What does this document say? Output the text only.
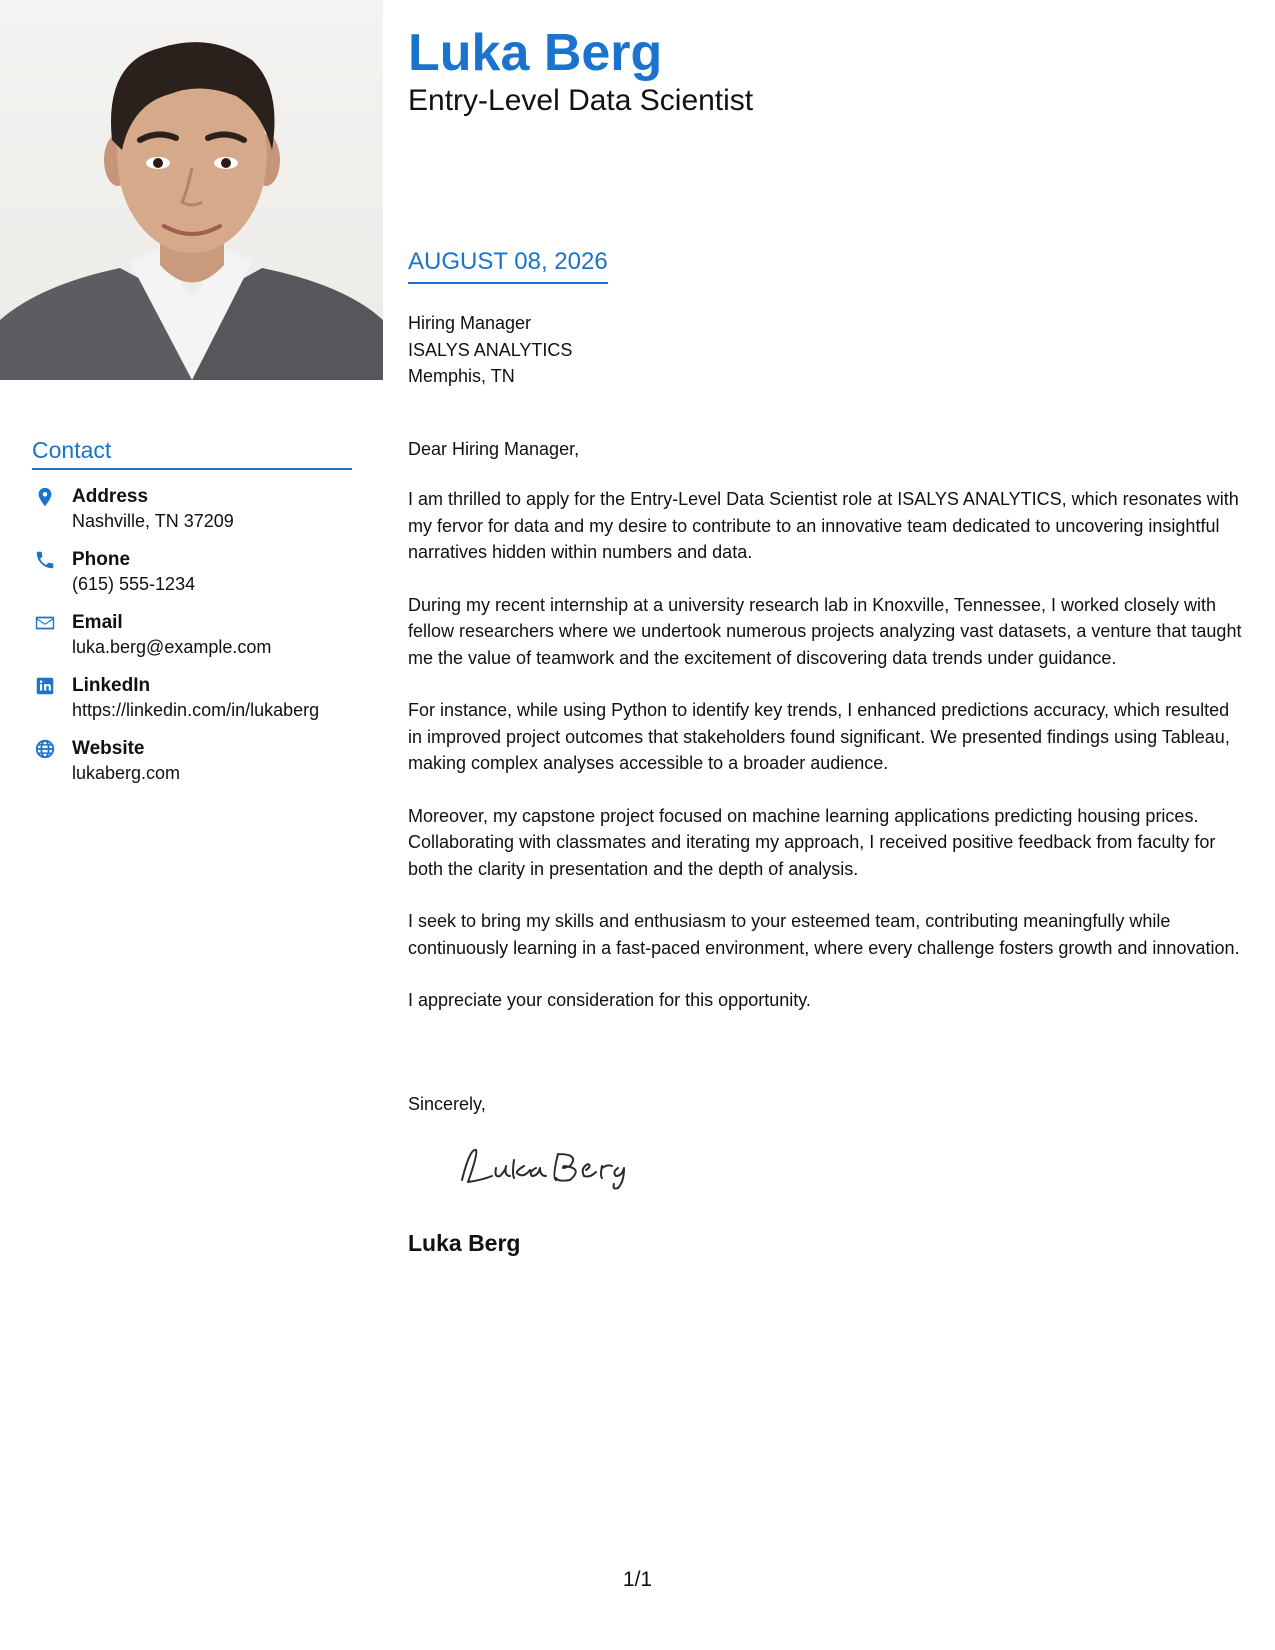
Contact
Address
Nashville, TN 37209
Phone
(615) 555-1234
Email
luka.berg@example.com
LinkedIn
https://linkedin.com/in/lukaberg
Website
lukaberg.com
Luka Berg
Entry-Level Data Scientist
AUGUST 08, 2026
Hiring Manager
ISALYS ANALYTICS
Memphis, TN
Dear Hiring Manager,

I am thrilled to apply for the Entry-Level Data Scientist role at ISALYS ANALYTICS, which resonates with my fervor for data and my desire to contribute to an innovative team dedicated to uncovering insightful narratives hidden within numbers and data.

During my recent internship at a university research lab in Knoxville, Tennessee, I worked closely with fellow researchers where we undertook numerous projects analyzing vast datasets, a venture that taught me the value of teamwork and the excitement of discovering data trends under guidance.

For instance, while using Python to identify key trends, I enhanced predictions accuracy, which resulted in improved project outcomes that stakeholders found significant. We presented findings using Tableau, making complex analyses accessible to a broader audience.

Moreover, my capstone project focused on machine learning applications predicting housing prices. Collaborating with classmates and iterating my approach, I received positive feedback from faculty for both the clarity in presentation and the depth of analysis.

I seek to bring my skills and enthusiasm to your esteemed team, contributing meaningfully while continuously learning in a fast-paced environment, where every challenge fosters growth and innovation.

I appreciate your consideration for this opportunity.

Sincerely,
Luka Berg
1/1
